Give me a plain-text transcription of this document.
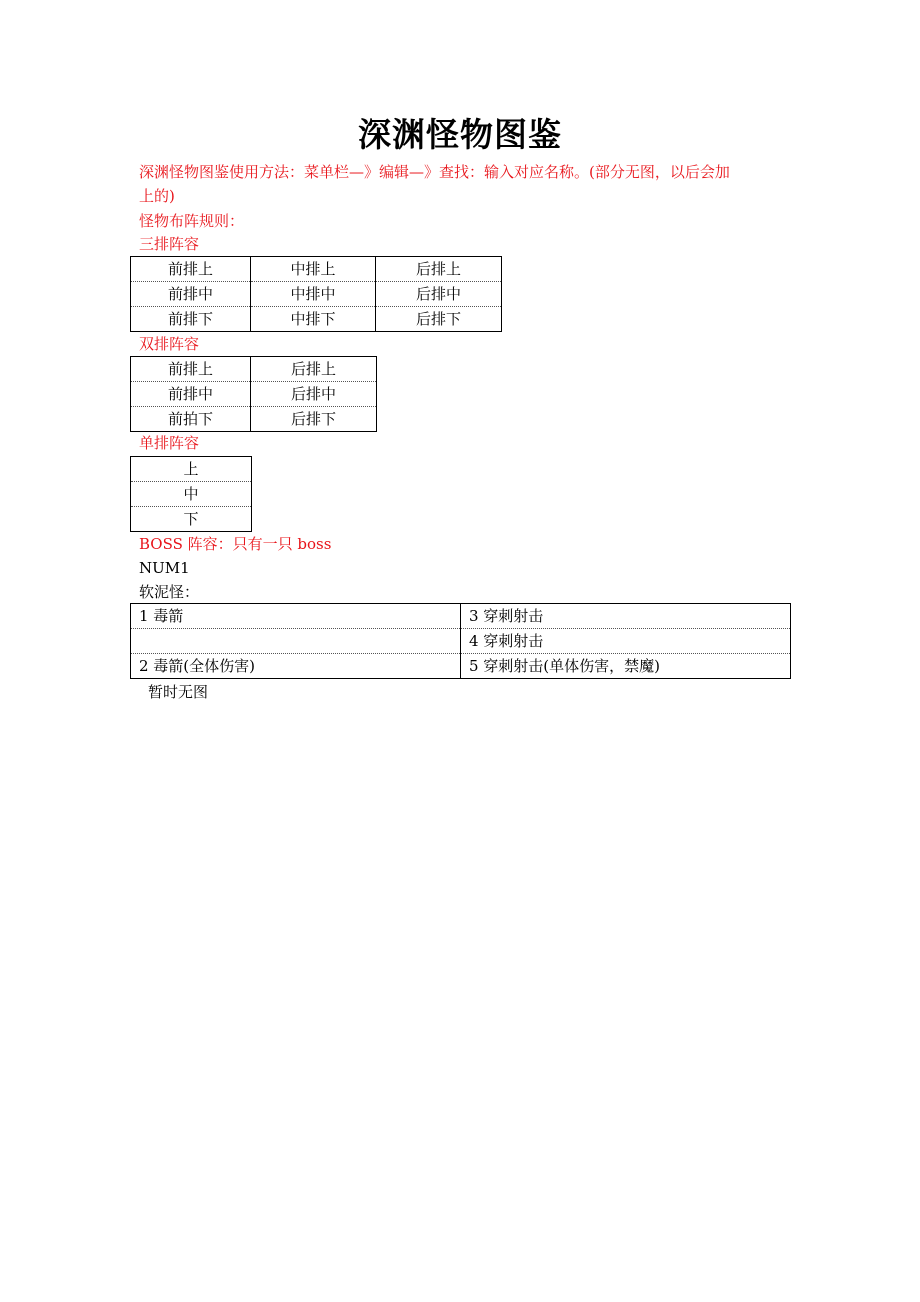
深渊怪物图鉴
深渊怪物图鉴使用方法：菜单栏—》编辑—》查找：输入对应名称。(部分无图，以后会加
上的)
怪物布阵规则：
三排阵容
前排上	中排上	后排上
前排中	中排中	后排中
前排下	中排下	后排下
双排阵容
前排上	后排上
前排中	后排中
前拍下	后排下
单排阵容
上
中
下
BOSS 阵容：只有一只 boss
NUM1
软泥怪：
1 毒箭	3 穿刺射击
	4 穿刺射击
2 毒箭(全体伤害)	5 穿刺射击(单体伤害，禁魔)
暂时无图
